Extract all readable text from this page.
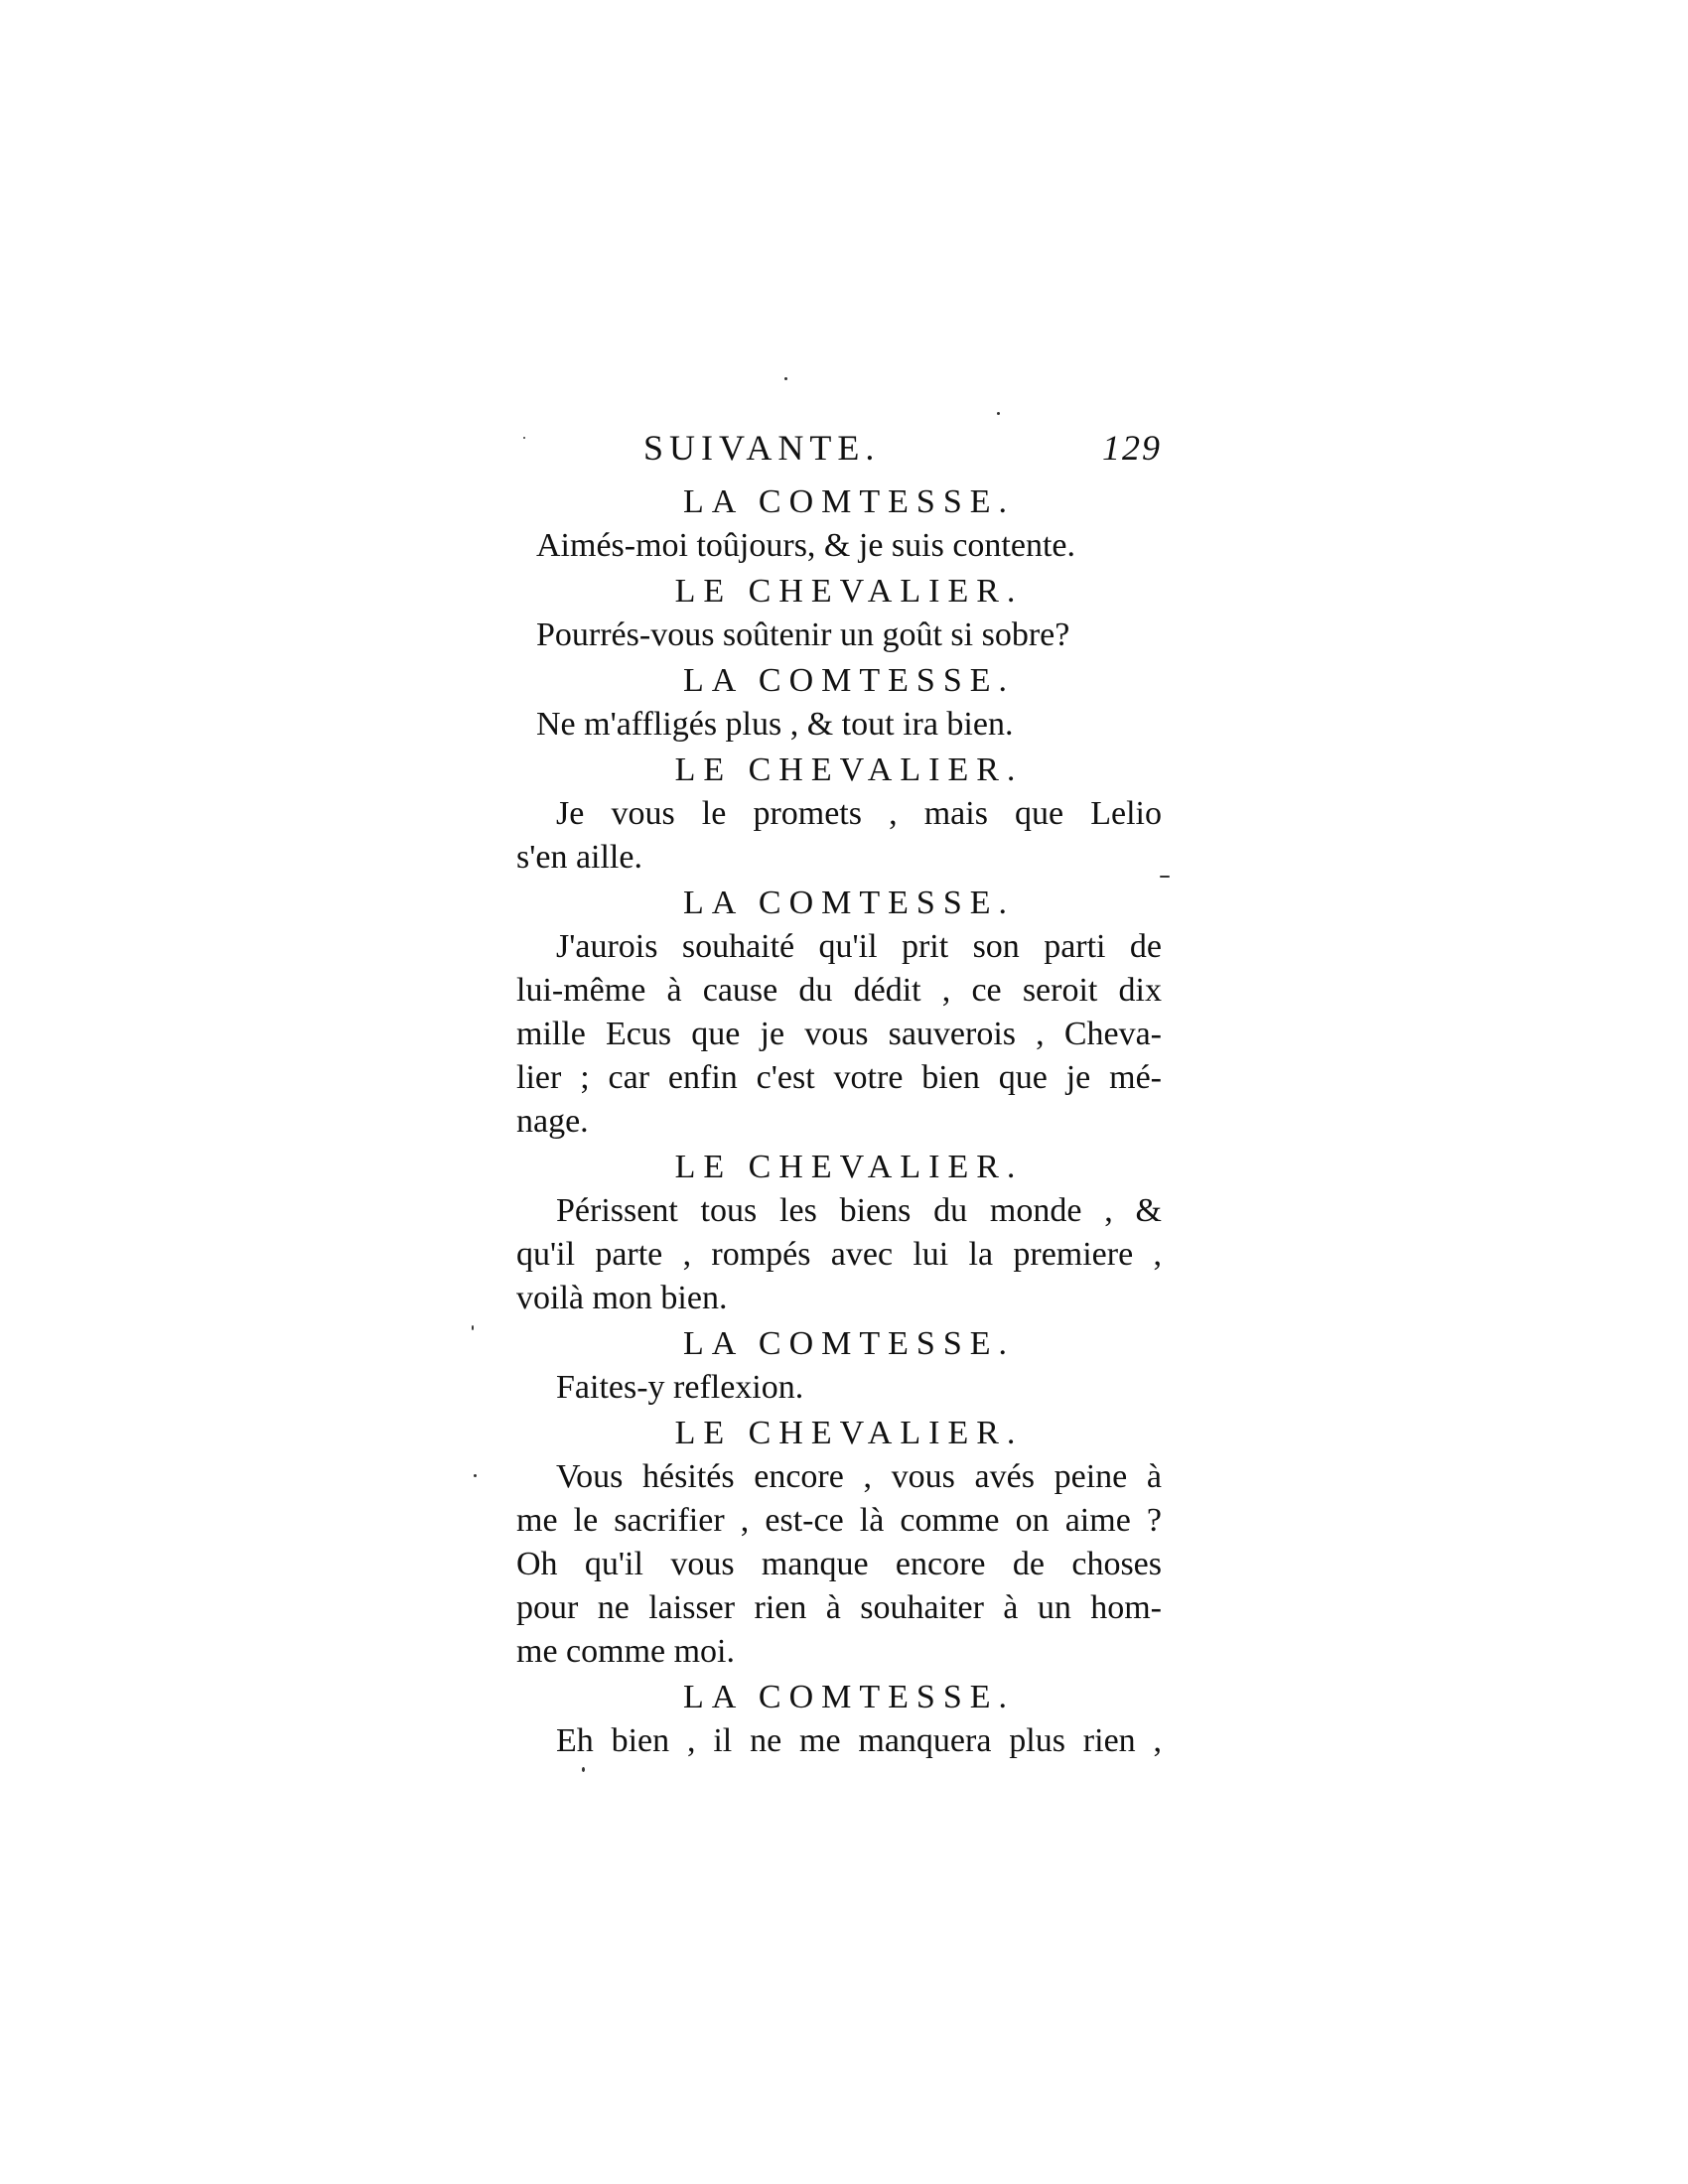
SUIVANTE.	129

LA COMTESSE.

Aimés-moi toûjours, & je suis contente.

LE CHEVALIER.

Pourrés-vous soûtenir un goût si sobre?

LA COMTESSE.

Ne m'affligés plus , & tout ira bien.

LE CHEVALIER.

Je vous le promets , mais que Lelio

s'en aille.

LA COMTESSE.

J'aurois souhaité qu'il prit son parti de

lui-même à cause du dédit , ce seroit dix

mille Ecus que je vous sauverois , Cheva-

lier ; car enfin c'est votre bien que je mé-

nage.

LE CHEVALIER.

Périssent tous les biens du monde , &

qu'il parte , rompés avec lui la premiere ,

voilà mon bien.

LA COMTESSE.

Faites-y reflexion.

LE CHEVALIER.

Vous hésités encore , vous avés peine à

me le sacrifier , est-ce là comme on aime ?

Oh qu'il vous manque encore de choses

pour ne laisser rien à souhaiter à un hom-

me comme moi.

LA COMTESSE.

Eh bien , il ne me manquera plus rien ,
